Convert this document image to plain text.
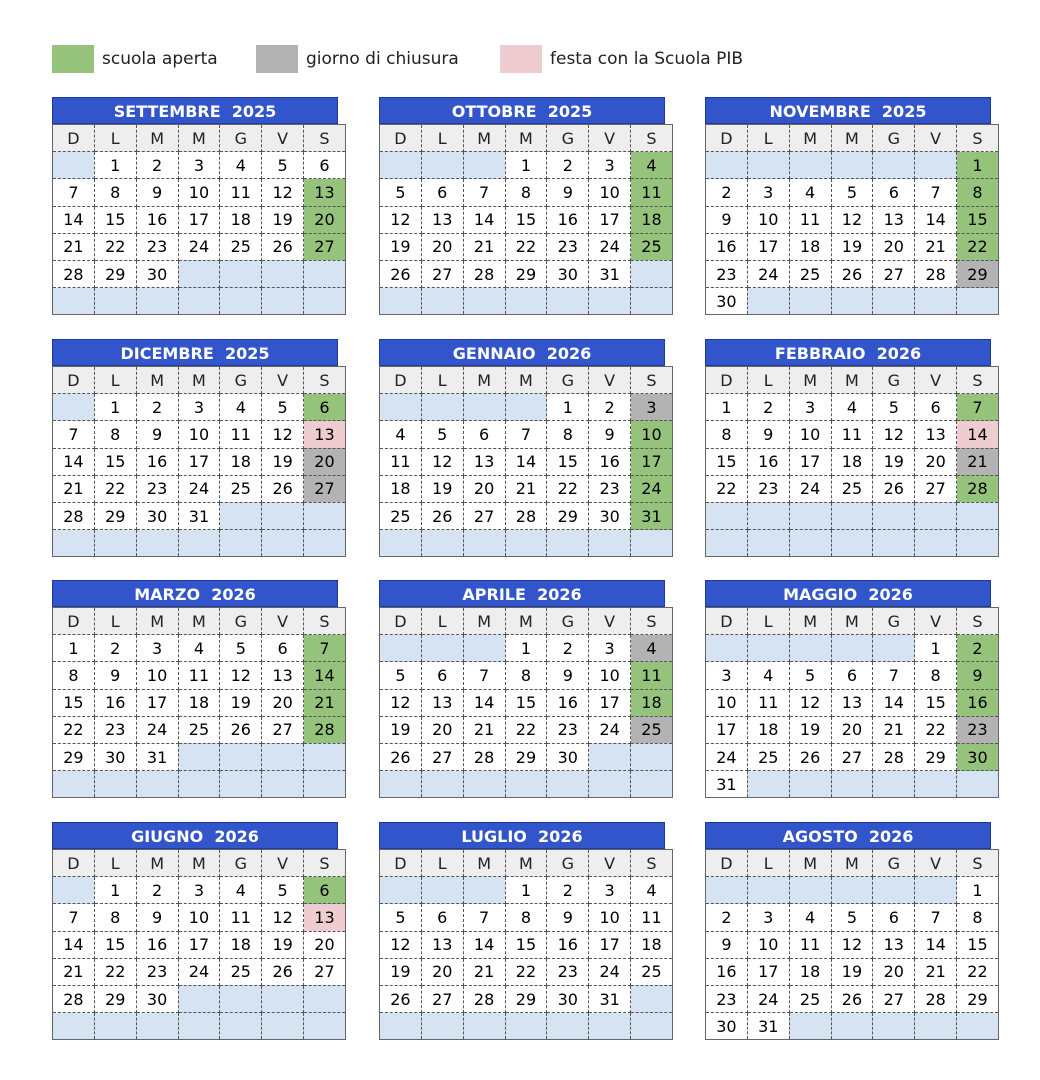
scuola aperta	giorno di chiusura	festa con la Scuola PIB
SETTEMBRE 2025
D	L	M	M	G	V	S
	1	2	3	4	5	6
7	8	9	10	11	12	13
14	15	16	17	18	19	20
21	22	23	24	25	26	27
28	29	30				

OTTOBRE 2025
D	L	M	M	G	V	S
			1	2	3	4
5	6	7	8	9	10	11
12	13	14	15	16	17	18
19	20	21	22	23	24	25
26	27	28	29	30	31	

NOVEMBRE 2025
D	L	M	M	G	V	S
						1
2	3	4	5	6	7	8
9	10	11	12	13	14	15
16	17	18	19	20	21	22
23	24	25	26	27	28	29
30						
DICEMBRE 2025
D	L	M	M	G	V	S
	1	2	3	4	5	6
7	8	9	10	11	12	13
14	15	16	17	18	19	20
21	22	23	24	25	26	27
28	29	30	31			

GENNAIO 2026
D	L	M	M	G	V	S
				1	2	3
4	5	6	7	8	9	10
11	12	13	14	15	16	17
18	19	20	21	22	23	24
25	26	27	28	29	30	31

FEBBRAIO 2026
D	L	M	M	G	V	S
1	2	3	4	5	6	7
8	9	10	11	12	13	14
15	16	17	18	19	20	21
22	23	24	25	26	27	28

MARZO 2026
D	L	M	M	G	V	S
1	2	3	4	5	6	7
8	9	10	11	12	13	14
15	16	17	18	19	20	21
22	23	24	25	26	27	28
29	30	31				

APRILE 2026
D	L	M	M	G	V	S
			1	2	3	4
5	6	7	8	9	10	11
12	13	14	15	16	17	18
19	20	21	22	23	24	25
26	27	28	29	30		

MAGGIO 2026
D	L	M	M	G	V	S
					1	2
3	4	5	6	7	8	9
10	11	12	13	14	15	16
17	18	19	20	21	22	23
24	25	26	27	28	29	30
31						
GIUGNO 2026
D	L	M	M	G	V	S
	1	2	3	4	5	6
7	8	9	10	11	12	13
14	15	16	17	18	19	20
21	22	23	24	25	26	27
28	29	30				

LUGLIO 2026
D	L	M	M	G	V	S
			1	2	3	4
5	6	7	8	9	10	11
12	13	14	15	16	17	18
19	20	21	22	23	24	25
26	27	28	29	30	31	

AGOSTO 2026
D	L	M	M	G	V	S
						1
2	3	4	5	6	7	8
9	10	11	12	13	14	15
16	17	18	19	20	21	22
23	24	25	26	27	28	29
30	31					
